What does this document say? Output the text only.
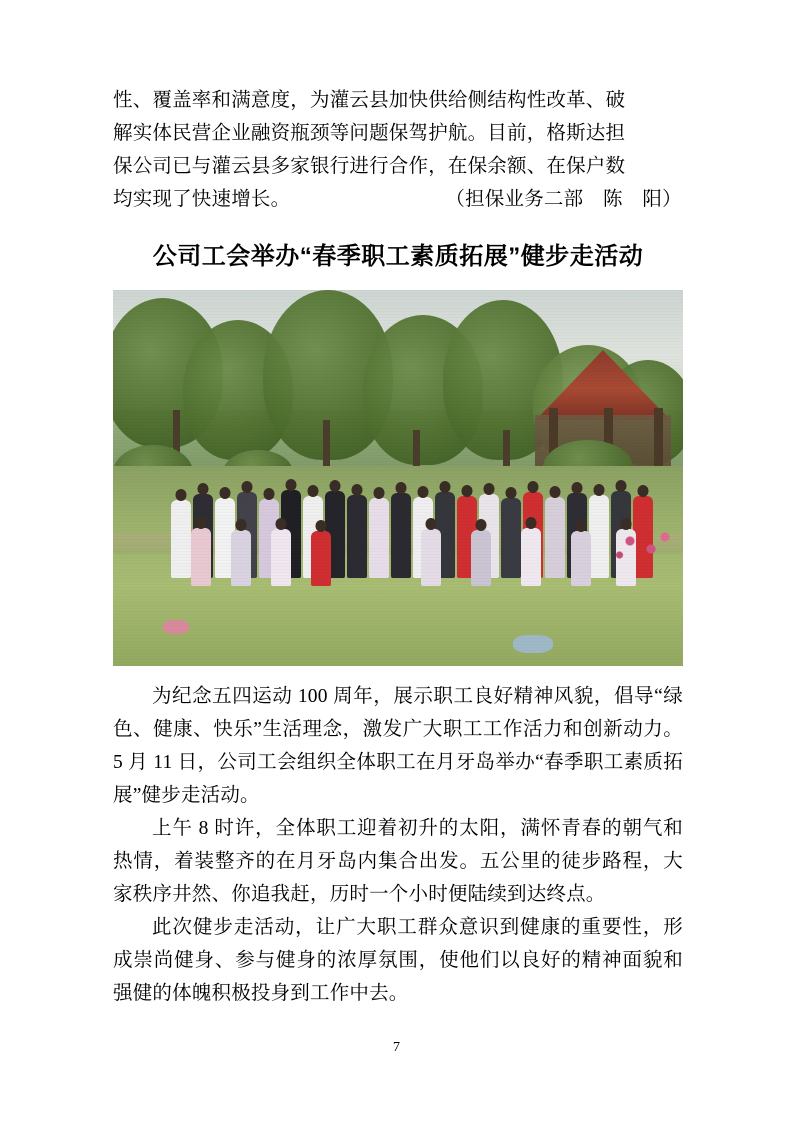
性、覆盖率和满意度，为灌云县加快供给侧结构性改革、破

解实体民营企业融资瓶颈等问题保驾护航。目前，格斯达担

保公司已与灌云县多家银行进行合作，在保余额、在保户数

均实现了快速增长。	（担保业务二部　陈　阳）

公司工会举办“春季职工素质拓展”健步走活动

为纪念五四运动 100 周年，展示职工良好精神风貌，倡导“绿色、健康、快乐”生活理念，激发广大职工工作活力和创新动力。5 月 11 日，公司工会组织全体职工在月牙岛举办“春季职工素质拓展”健步走活动。

上午 8 时许，全体职工迎着初升的太阳，满怀青春的朝气和热情，着装整齐的在月牙岛内集合出发。五公里的徒步路程，大家秩序井然、你追我赶，历时一个小时便陆续到达终点。

此次健步走活动，让广大职工群众意识到健康的重要性，形成崇尚健身、参与健身的浓厚氛围，使他们以良好的精神面貌和强健的体魄积极投身到工作中去。

7
